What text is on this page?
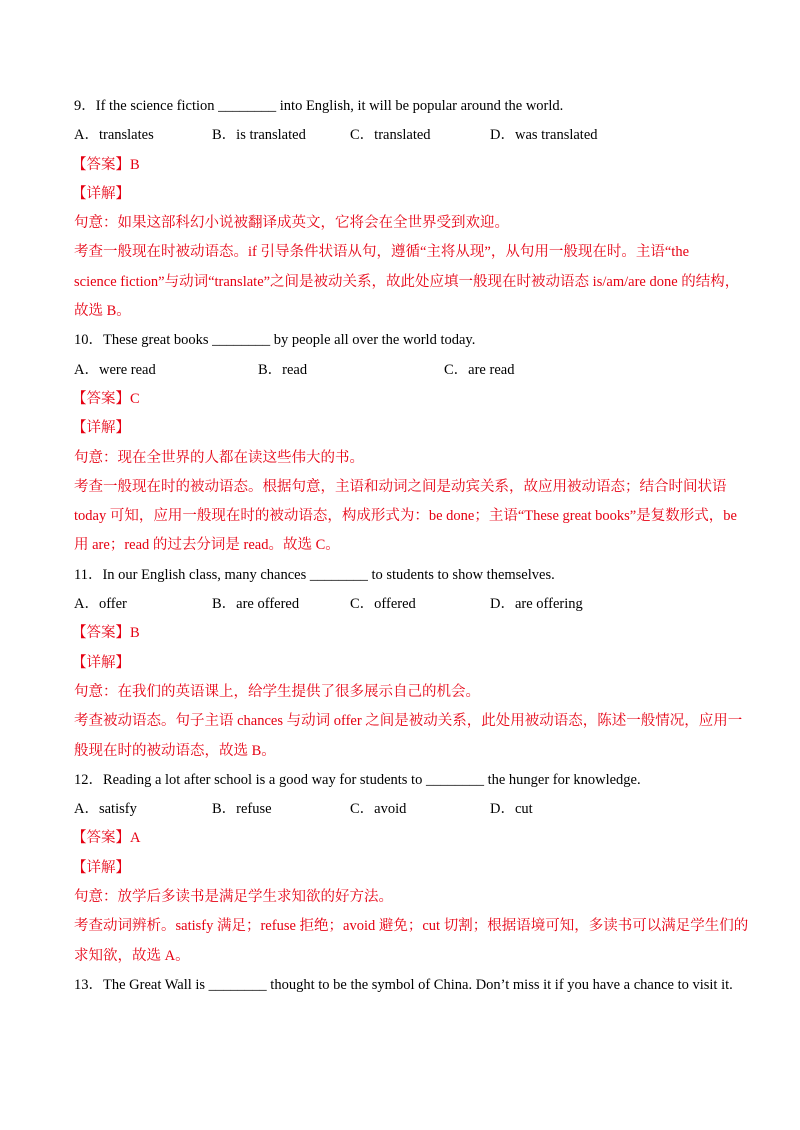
9．If the science fiction ________ into English, it will be popular around the world.
A．translates	B．is translated	C．translated	D．was translated
【答案】B
【详解】
句意：如果这部科幻小说被翻译成英文，它将会在全世界受到欢迎。
考查一般现在时被动语态。if 引导条件状语从句，遵循“主将从现”，从句用一般现在时。主语“the
science fiction”与动词“translate”之间是被动关系，故此处应填一般现在时被动语态 is/am/are done 的结构，
故选 B。
10．These great books ________ by people all over the world today.
A．were read	B．read	C．are read
【答案】C
【详解】
句意：现在全世界的人都在读这些伟大的书。
考查一般现在时的被动语态。根据句意，主语和动词之间是动宾关系，故应用被动语态；结合时间状语
today 可知，应用一般现在时的被动语态，构成形式为：be done；主语“These great books”是复数形式，be
用 are；read 的过去分词是 read。故选 C。
11．In our English class, many chances ________ to students to show themselves.
A．offer	B．are offered	C．offered	D．are offering
【答案】B
【详解】
句意：在我们的英语课上，给学生提供了很多展示自己的机会。
考查被动语态。句子主语 chances 与动词 offer 之间是被动关系，此处用被动语态，陈述一般情况，应用一
般现在时的被动语态，故选 B。
12．Reading a lot after school is a good way for students to ________ the hunger for knowledge.
A．satisfy	B．refuse	C．avoid	D．cut
【答案】A
【详解】
句意：放学后多读书是满足学生求知欲的好方法。
考查动词辨析。satisfy 满足；refuse 拒绝；avoid 避免；cut 切割；根据语境可知，多读书可以满足学生们的
求知欲，故选 A。
13．The Great Wall is ________ thought to be the symbol of China. Don’t miss it if you have a chance to visit it.
